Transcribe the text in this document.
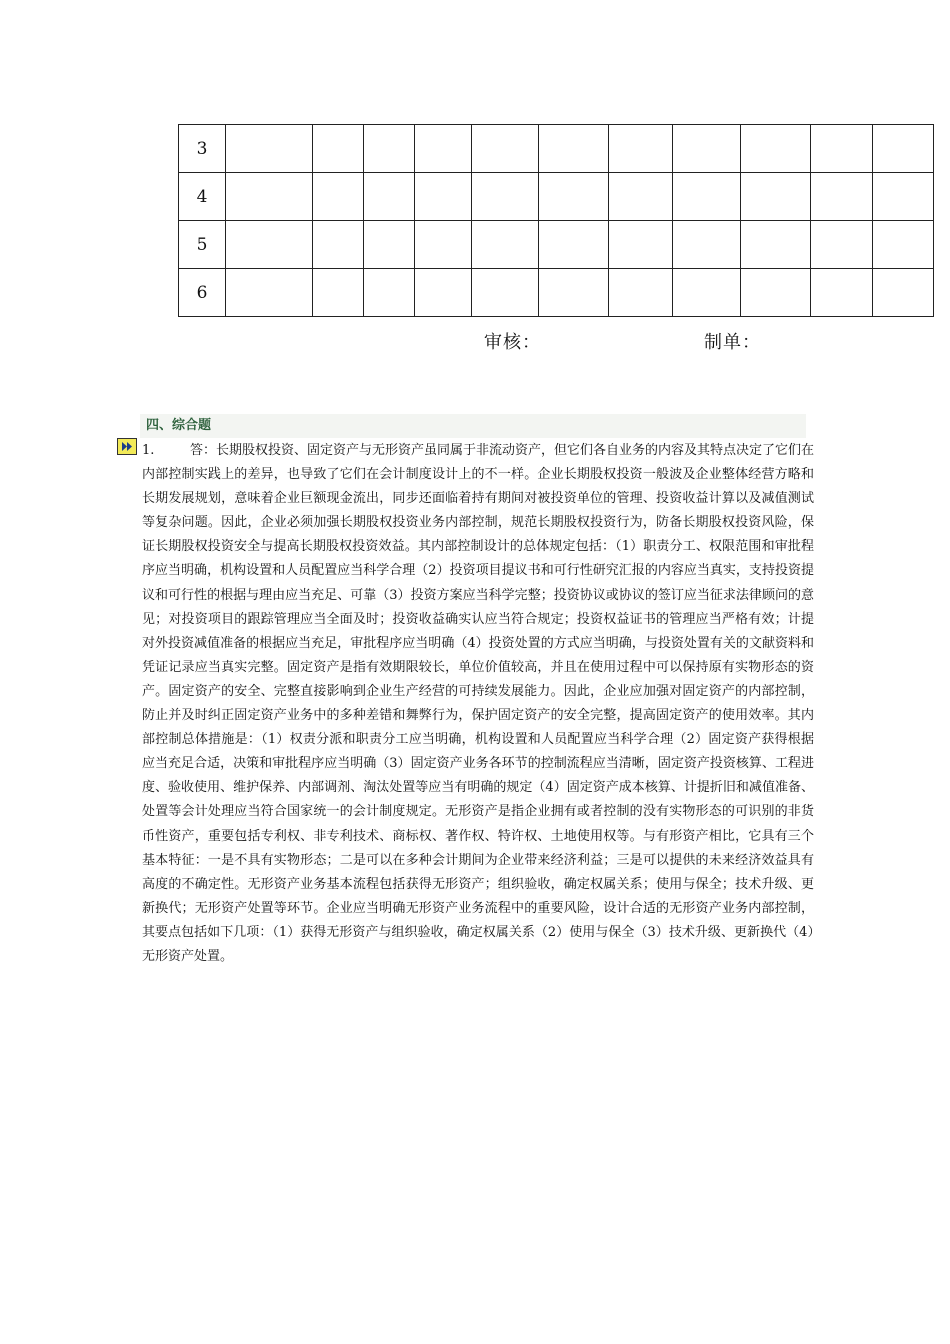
3											
4											
5											
6											
审核：	制单：
四、综合题

1.	答：长期股权投资、固定资产与无形资产虽同属于非流动资产，但它们各自业务的内容及其特点决定了它们在内部控制实践上的差异，也导致了它们在会计制度设计上的不一样。企业长期股权投资一般波及企业整体经营方略和长期发展规划，意味着企业巨额现金流出，同步还面临着持有期间对被投资单位的管理、投资收益计算以及减值测试等复杂问题。因此，企业必须加强长期股权投资业务内部控制，规范长期股权投资行为，防备长期股权投资风险，保证长期股权投资安全与提高长期股权投资效益。其内部控制设计的总体规定包括：（1）职责分工、权限范围和审批程序应当明确，机构设置和人员配置应当科学合理（2）投资项目提议书和可行性研究汇报的内容应当真实，支持投资提议和可行性的根据与理由应当充足、可靠（3）投资方案应当科学完整；投资协议或协议的签订应当征求法律顾问的意见；对投资项目的跟踪管理应当全面及时；投资收益确实认应当符合规定；投资权益证书的管理应当严格有效；计提对外投资减值准备的根据应当充足，审批程序应当明确（4）投资处置的方式应当明确，与投资处置有关的文献资料和凭证记录应当真实完整。固定资产是指有效期限较长，单位价值较高，并且在使用过程中可以保持原有实物形态的资产。固定资产的安全、完整直接影响到企业生产经营的可持续发展能力。因此，企业应加强对固定资产的内部控制，防止并及时纠正固定资产业务中的多种差错和舞弊行为，保护固定资产的安全完整，提高固定资产的使用效率。其内部控制总体措施是：（1）权责分派和职责分工应当明确，机构设置和人员配置应当科学合理（2）固定资产获得根据应当充足合适，决策和审批程序应当明确（3）固定资产业务各环节的控制流程应当清晰，固定资产投资核算、工程进度、验收使用、维护保养、内部调剂、淘汰处置等应当有明确的规定（4）固定资产成本核算、计提折旧和减值准备、处置等会计处理应当符合国家统一的会计制度规定。无形资产是指企业拥有或者控制的没有实物形态的可识别的非货币性资产，重要包括专利权、非专利技术、商标权、著作权、特许权、土地使用权等。与有形资产相比，它具有三个基本特征：一是不具有实物形态；二是可以在多种会计期间为企业带来经济利益；三是可以提供的未来经济效益具有高度的不确定性。无形资产业务基本流程包括获得无形资产；组织验收，确定权属关系；使用与保全；技术升级、更新换代；无形资产处置等环节。企业应当明确无形资产业务流程中的重要风险，设计合适的无形资产业务内部控制，其要点包括如下几项：（1）获得无形资产与组织验收，确定权属关系（2）使用与保全（3）技术升级、更新换代（4）无形资产处置。
